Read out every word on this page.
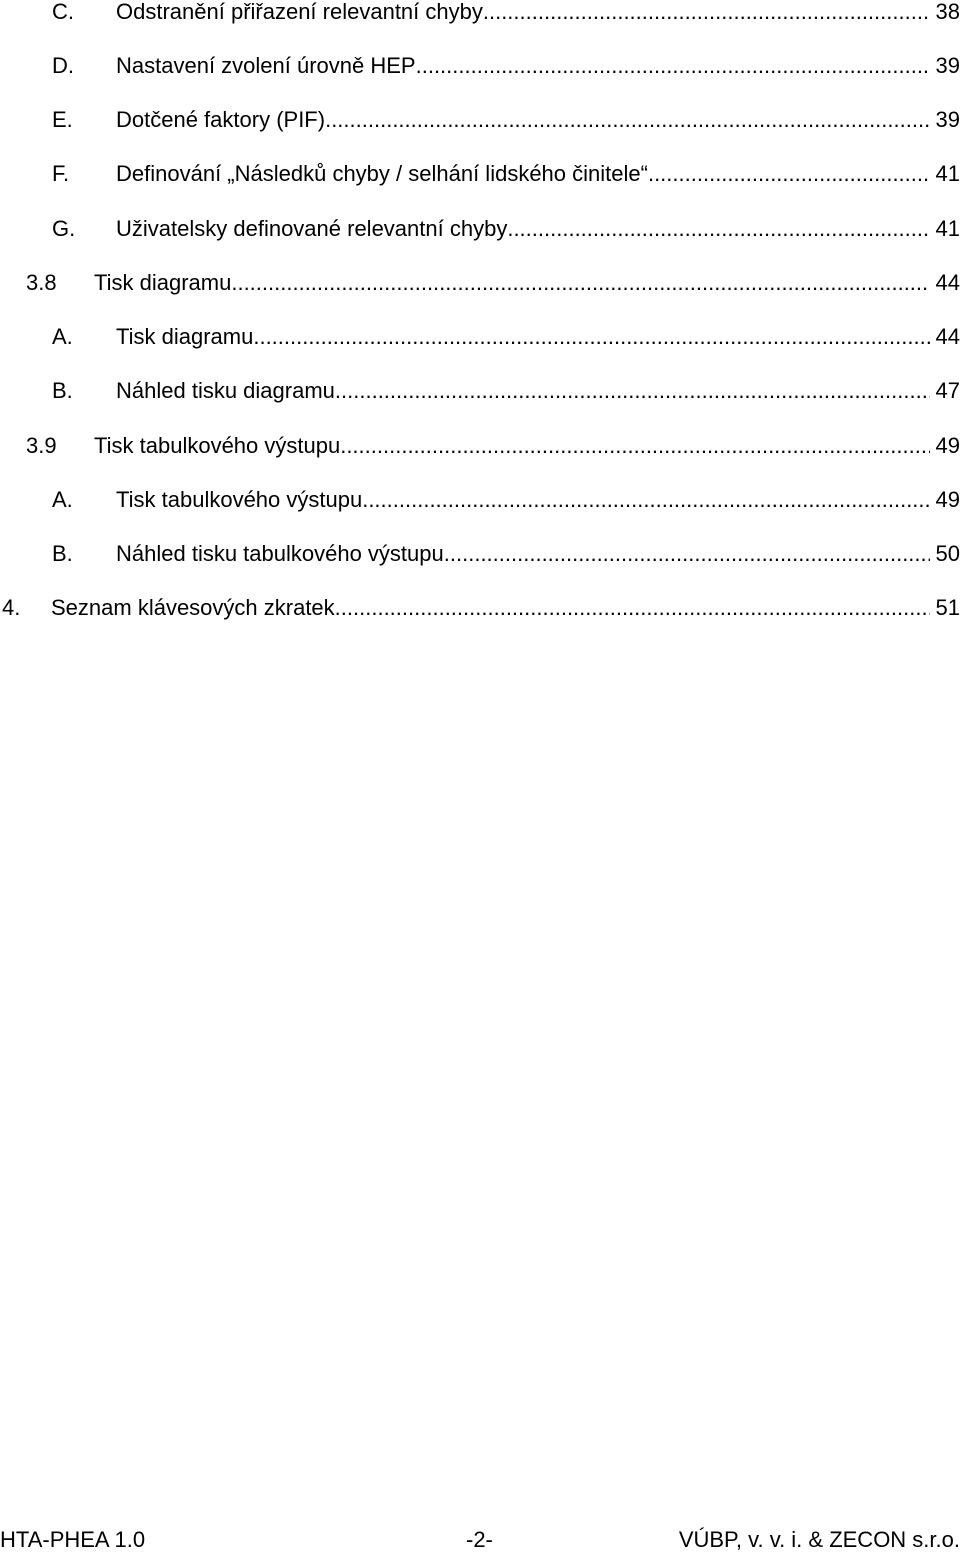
C. Odstranění přiřazení relevantní chyby .....	38
D. Nastavení zvolení úrovně HEP .....	39
E. Dotčené faktory (PIF) .....	39
F. Definování „Následků chyby / selhání lidského činitele“ .....	41
G. Uživatelsky definované relevantní chyby .....	41
3.8 Tisk diagramu .....	44
A. Tisk diagramu .....	44
B. Náhled tisku diagramu .....	47
3.9 Tisk tabulkového výstupu .....	49
A. Tisk tabulkového výstupu .....	49
B. Náhled tisku tabulkového výstupu .....	50
4. Seznam klávesových zkratek .....	51
HTA-PHEA 1.0	-2-	VÚBP, v. v. i. & ZECON s.r.o.
